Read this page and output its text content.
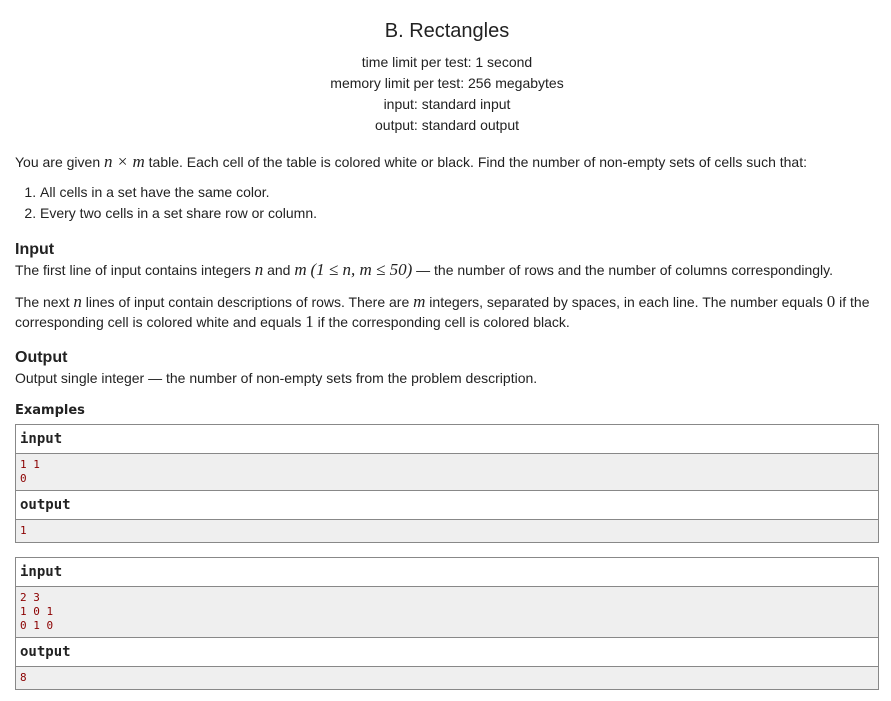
B. Rectangles
time limit per test: 1 second
memory limit per test: 256 megabytes
input: standard input
output: standard output

You are given n × m table. Each cell of the table is colored white or black. Find the number of non-empty sets of cells such that:

1. All cells in a set have the same color.
2. Every two cells in a set share row or column.
Input

The first line of input contains integers n and m (1 ≤ n, m ≤ 50) — the number of rows and the number of columns correspondingly.

The next n lines of input contain descriptions of rows. There are m integers, separated by spaces, in each line. The number equals 0 if the corresponding cell is colored white and equals 1 if the corresponding cell is colored black.

Output

Output single integer — the number of non-empty sets from the problem description.

Examples
input
1 1
0
output
1
input
2 3
1 0 1
0 1 0
output
8
